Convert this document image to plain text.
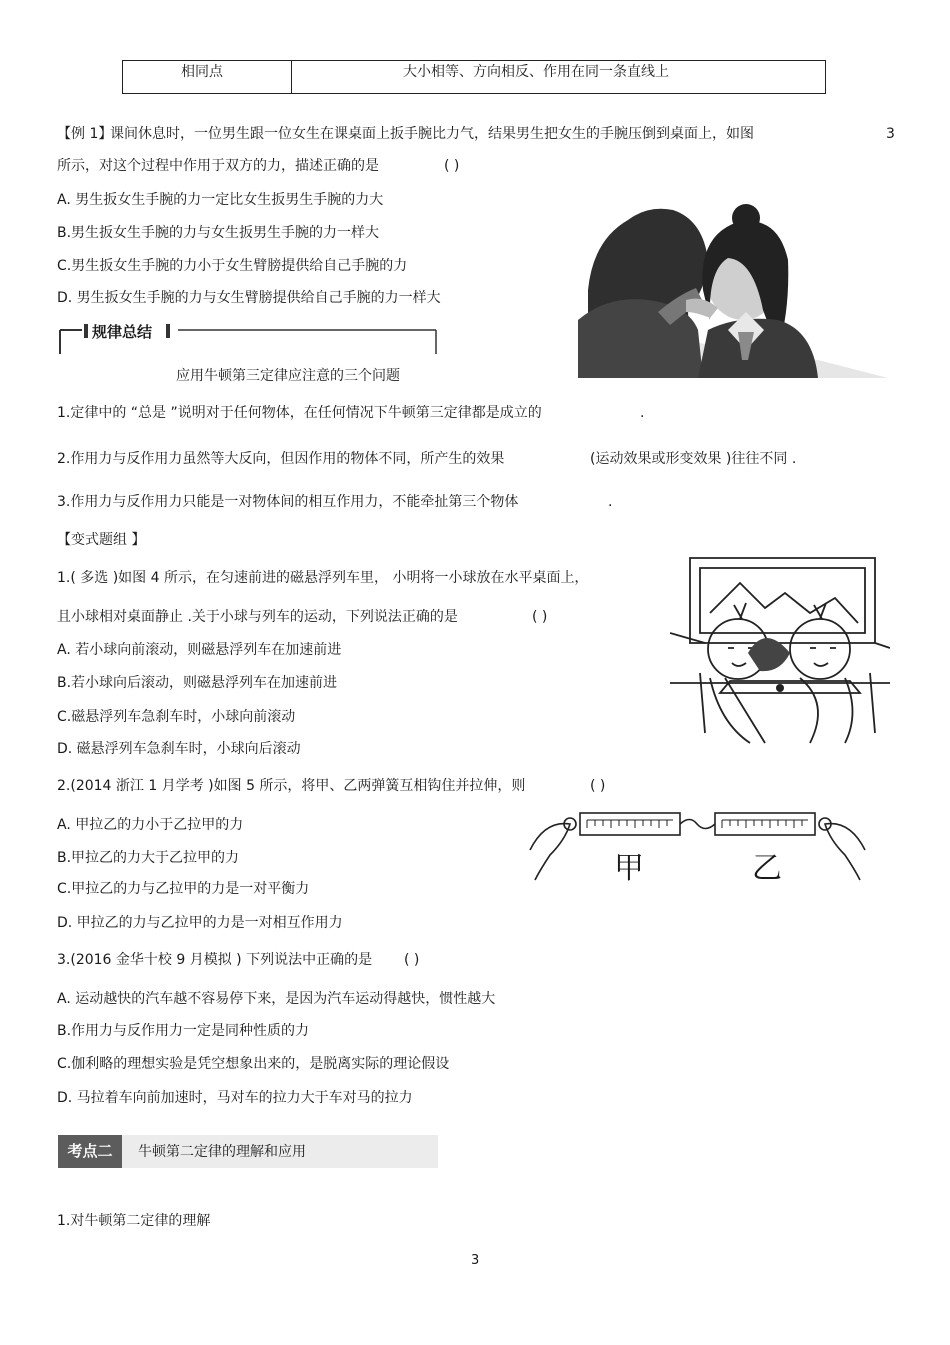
相同点	大小相等、方向相反、作用在同一条直线上
【例 1】
课间休息时，一位男生跟一位女生在课桌面上扳手腕比力气，结果男生把女生的手腕压倒到桌面上，如图	3
所示，对这个过程中作用于双方的力，描述正确的是	( )
A. 男生扳女生手腕的力一定比女生扳男生手腕的力大
B.男生扳女生手腕的力与女生扳男生手腕的力一样大
C.男生扳女生手腕的力小于女生臂膀提供给自己手腕的力
D. 男生扳女生手腕的力与女生臂膀提供给自己手腕的力一样大
规律总结
应用牛顿第三定律应注意的三个问题
1.定律中的 “总是 ”说明对于任何物体，在任何情况下牛顿第三定律都是成立的	.
2.作用力与反作用力虽然等大反向，但因作用的物体不同，所产生的效果	(运动效果或形变效果 )往往不同 .
3.作用力与反作用力只能是一对物体间的相互作用力，不能牵扯第三个物体	.
【变式题组 】
1.( 多选 )如图 4 所示，在匀速前进的磁悬浮列车里， 小明将一小球放在水平桌面上，
且小球相对桌面静止 .关于小球与列车的运动，下列说法正确的是	( )
A. 若小球向前滚动，则磁悬浮列车在加速前进
B.若小球向后滚动，则磁悬浮列车在加速前进
C.磁悬浮列车急刹车时，小球向前滚动
D. 磁悬浮列车急刹车时，小球向后滚动
2.(2014 浙江 1 月学考 )如图 5 所示，将甲、乙两弹簧互相钩住并拉伸，则	( )
A. 甲拉乙的力小于乙拉甲的力
B.甲拉乙的力大于乙拉甲的力
C.甲拉乙的力与乙拉甲的力是一对平衡力
D. 甲拉乙的力与乙拉甲的力是一对相互作用力
甲	乙
3.(2016 金华十校 9 月模拟 ) 下列说法中正确的是 ( )
A. 运动越快的汽车越不容易停下来，是因为汽车运动得越快，惯性越大
B.作用力与反作用力一定是同种性质的力
C.伽利略的理想实验是凭空想象出来的，是脱离实际的理论假设
D. 马拉着车向前加速时，马对车的拉力大于车对马的拉力
考点二	牛顿第二定律的理解和应用
1.对牛顿第二定律的理解
3
